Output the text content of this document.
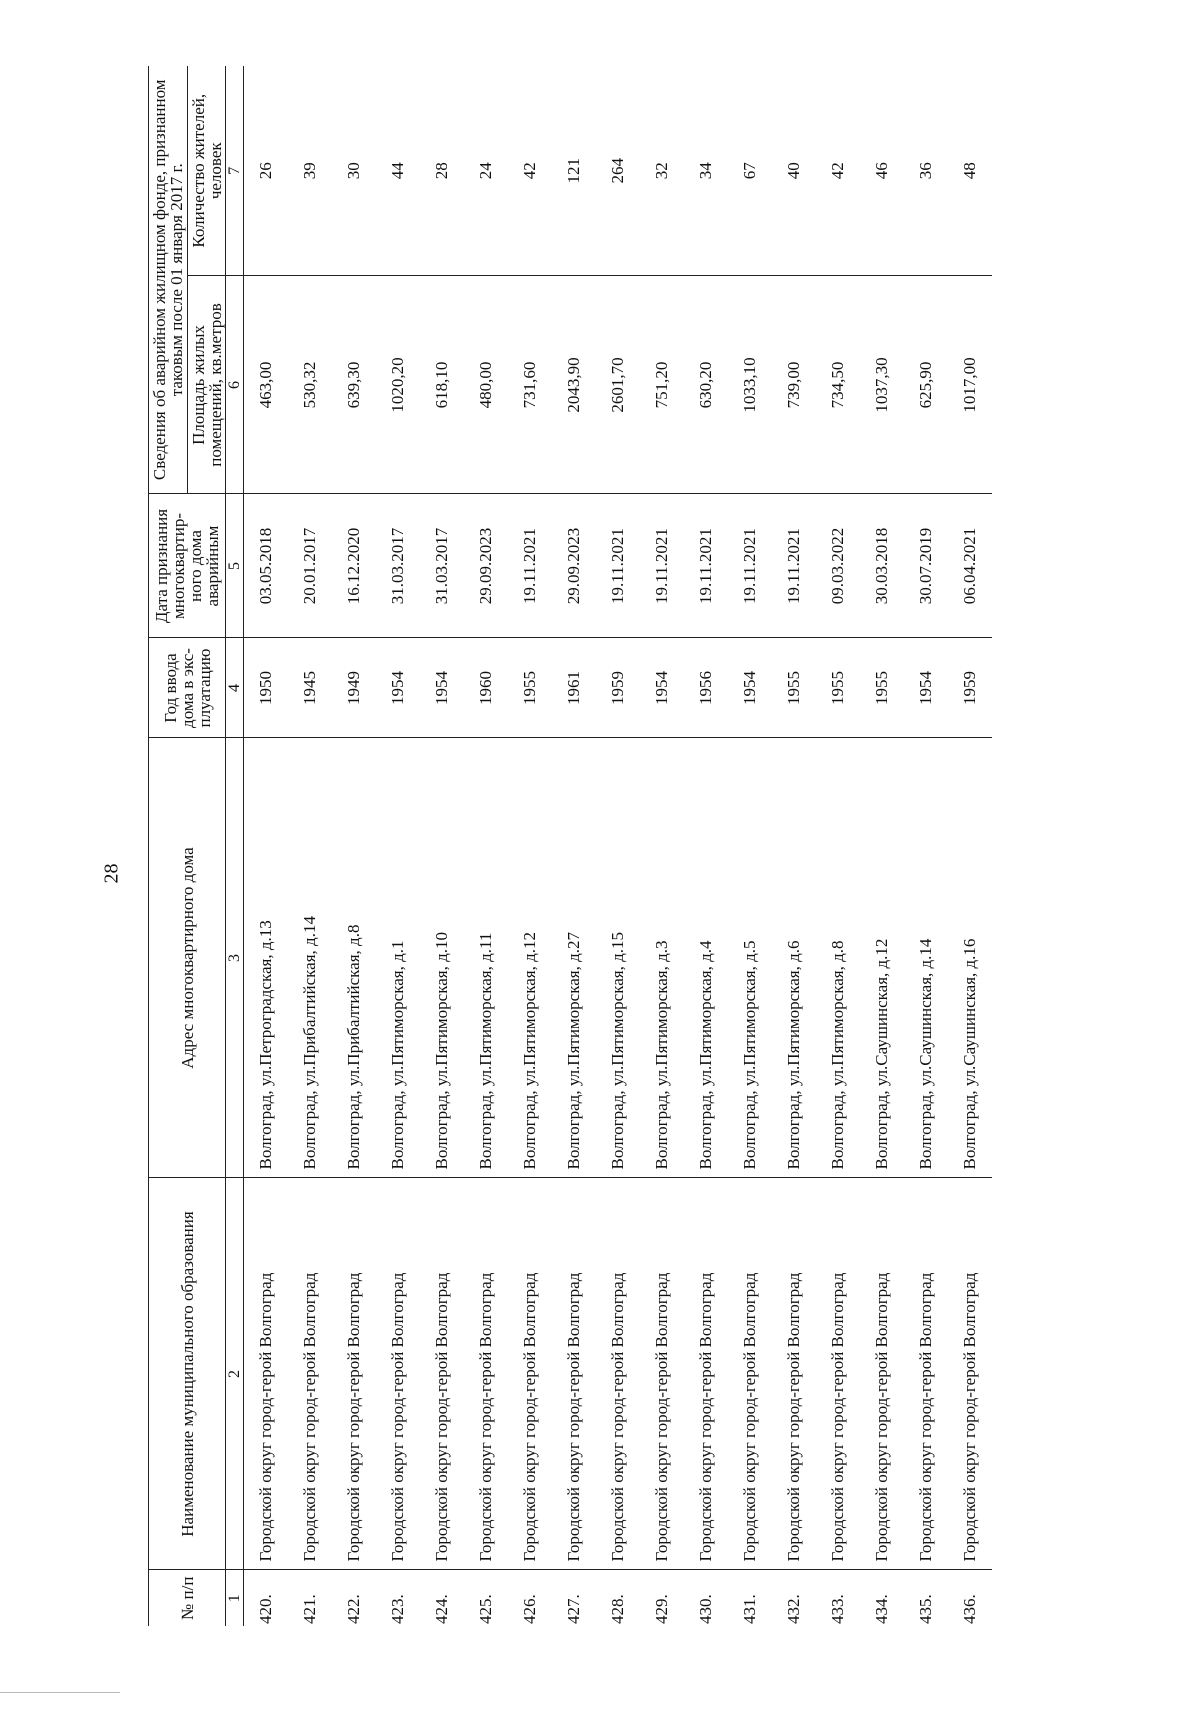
28
№ п/п	Наименование муниципального образования	Адрес многоквартирного дома	Год ввода дома в экс-плуатацию	Дата признания многоквартир-ного дома аварийным	Сведения об аварийном жилищном фонде, признанном таковым после 01 января 2017 г.	
					Площадь жилых помещений, кв.метров	Количество жителей, человек
1	2	3	4	5	6	7
420.	Городской округ город-герой Волгоград	Волгоград, ул.Петроградская, д.13	1950	03.05.2018	463,00	26
421.	Городской округ город-герой Волгоград	Волгоград, ул.Прибалтийская, д.14	1945	20.01.2017	530,32	39
422.	Городской округ город-герой Волгоград	Волгоград, ул.Прибалтийская, д.8	1949	16.12.2020	639,30	30
423.	Городской округ город-герой Волгоград	Волгоград, ул.Пятиморская, д.1	1954	31.03.2017	1020,20	44
424.	Городской округ город-герой Волгоград	Волгоград, ул.Пятиморская, д.10	1954	31.03.2017	618,10	28
425.	Городской округ город-герой Волгоград	Волгоград, ул.Пятиморская, д.11	1960	29.09.2023	480,00	24
426.	Городской округ город-герой Волгоград	Волгоград, ул.Пятиморская, д.12	1955	19.11.2021	731,60	42
427.	Городской округ город-герой Волгоград	Волгоград, ул.Пятиморская, д.27	1961	29.09.2023	2043,90	121
428.	Городской округ город-герой Волгоград	Волгоград, ул.Пятиморская, д.15	1959	19.11.2021	2601,70	264
429.	Городской округ город-герой Волгоград	Волгоград, ул.Пятиморская, д.3	1954	19.11.2021	751,20	32
430.	Городской округ город-герой Волгоград	Волгоград, ул.Пятиморская, д.4	1956	19.11.2021	630,20	34
431.	Городской округ город-герой Волгоград	Волгоград, ул.Пятиморская, д.5	1954	19.11.2021	1033,10	67
432.	Городской округ город-герой Волгоград	Волгоград, ул.Пятиморская, д.6	1955	19.11.2021	739,00	40
433.	Городской округ город-герой Волгоград	Волгоград, ул.Пятиморская, д.8	1955	09.03.2022	734,50	42
434.	Городской округ город-герой Волгоград	Волгоград, ул.Саушинская, д.12	1955	30.03.2018	1037,30	46
435.	Городской округ город-герой Волгоград	Волгоград, ул.Саушинская, д.14	1954	30.07.2019	625,90	36
436.	Городской округ город-герой Волгоград	Волгоград, ул.Саушинская, д.16	1959	06.04.2021	1017,00	48
